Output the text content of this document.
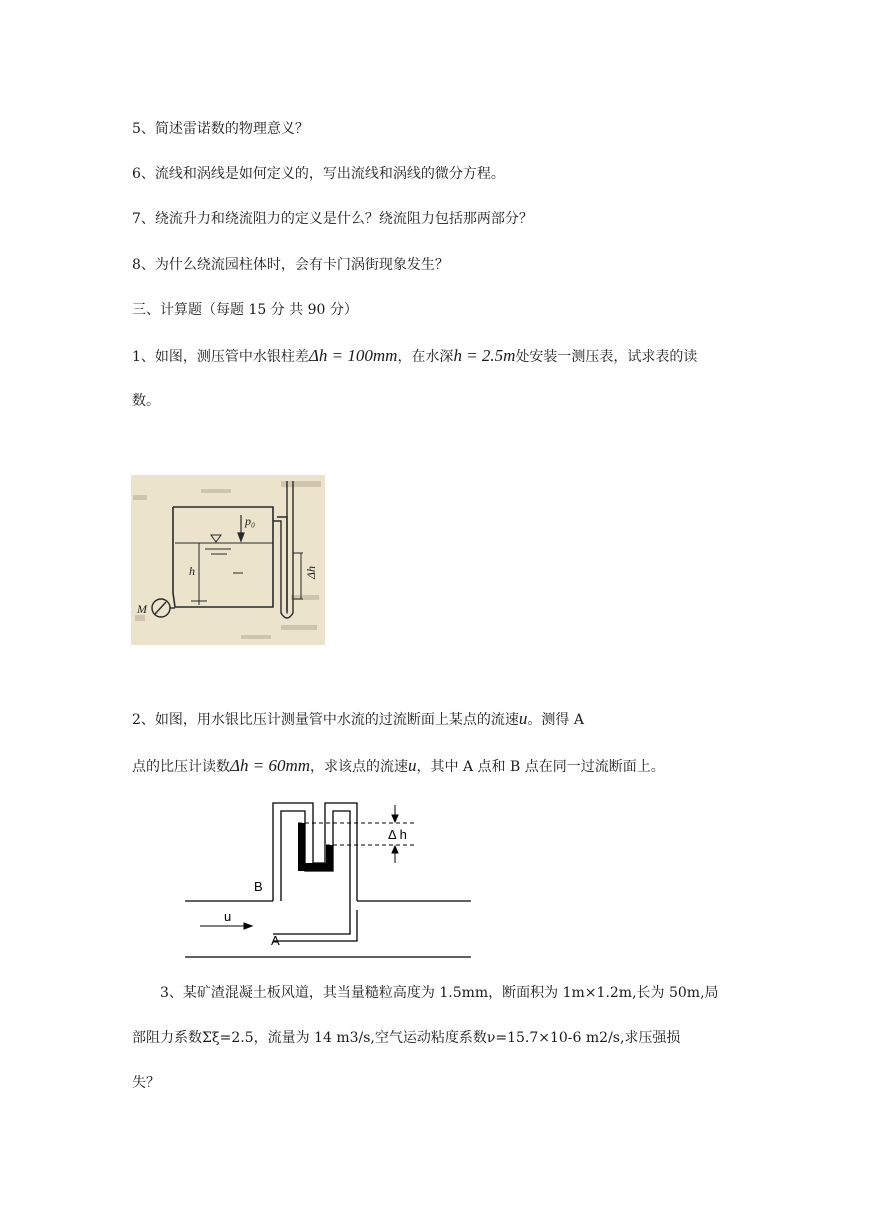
5、简述雷诺数的物理意义？
6、流线和涡线是如何定义的，写出流线和涡线的微分方程。
7、绕流升力和绕流阻力的定义是什么？绕流阻力包括那两部分？
8、为什么绕流园柱体时，会有卡门涡街现象发生？
三、计算题（每题 15 分 共 90 分）
1、如图，测压管中水银柱差Δh = 100mm，在水深h = 2.5m处安装一测压表，试求表的读
数。
p₀
h	Δh
M
2、如图，用水银比压计测量管中水流的过流断面上某点的流速u。测得 A
点的比压计读数Δh = 60mm，求该点的流速u，其中 A 点和 B 点在同一过流断面上。
Δ h
B
u
A
3、某矿渣混凝土板风道，其当量糙粒高度为 1.5mm，断面积为 1m×1.2m,长为 50m,局
部阻力系数Σξ=2.5，流量为 14 m3/s,空气运动粘度系数ν=15.7×10-6 m2/s,求压强损
失？
